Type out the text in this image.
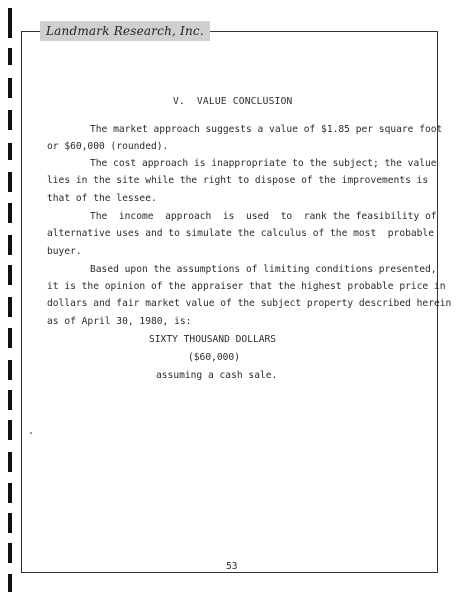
Landmark Research, Inc.

V.  VALUE CONCLUSION

The market approach suggests a value of $1.85 per square foot

or $60,000 (rounded).

The cost approach is inappropriate to the subject; the value

lies in the site while the right to dispose of the improvements is

that of the lessee.

The  income  approach  is  used  to  rank the feasibility of

alternative uses and to simulate the calculus of the most  probable

buyer.

Based upon the assumptions of limiting conditions presented,

it is the opinion of the appraiser that the highest probable price in

dollars and fair market value of the subject property described herein

as of April 30, 1980, is:

SIXTY THOUSAND DOLLARS

($60,000)

assuming a cash sale.

53
